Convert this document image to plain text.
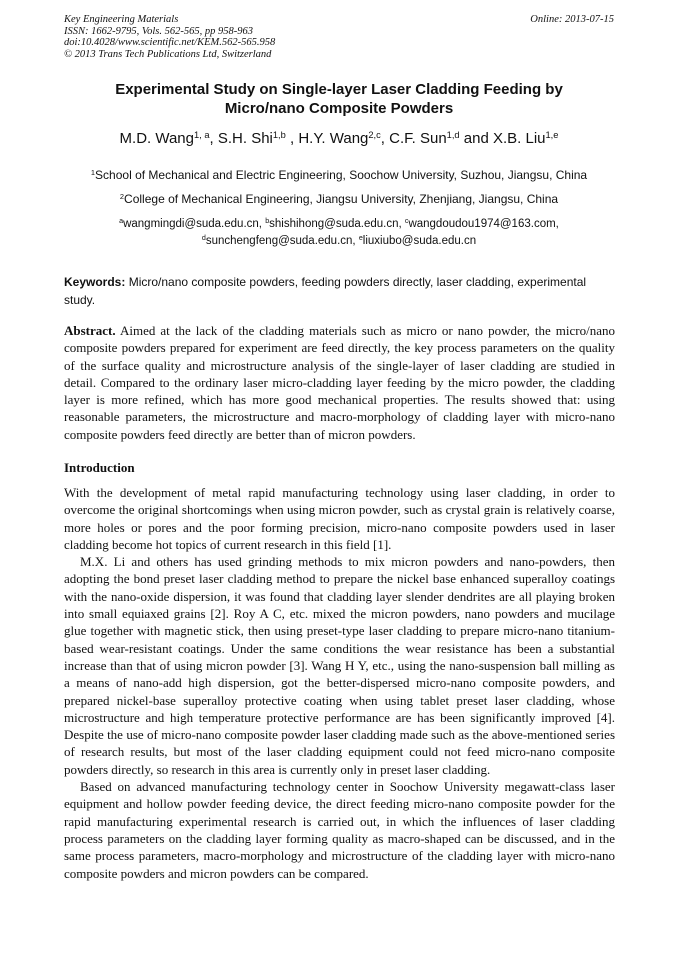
Key Engineering Materials
ISSN: 1662-9795, Vols. 562-565, pp 958-963
doi:10.4028/www.scientific.net/KEM.562-565.958
© 2013 Trans Tech Publications Ltd, Switzerland
Online: 2013-07-15
Experimental Study on Single-layer Laser Cladding Feeding by
Micro/nano Composite Powders
M.D. Wang$^{1, a}$, S.H. Shi$^{1,b}$ , H.Y. Wang$^{2,c}$, C.F. Sun$^{1,d}$ and X.B. Liu$^{1,e}$
$^1$School of Mechanical and Electric Engineering, Soochow University, Suzhou, Jiangsu, China
$^2$College of Mechanical Engineering, Jiangsu University, Zhenjiang, Jiangsu, China
$^a$wangmingdi@suda.edu.cn, $^b$shishihong@suda.edu.cn, $^c$wangdoudou1974@163.com,
$^d$sunchengfeng@suda.edu.cn, $^e$liuxiubo@suda.edu.cn
Keywords: Micro/nano composite powders, feeding powders directly, laser cladding, experimental study.
Abstract. Aimed at the lack of the cladding materials such as micro or nano powder, the micro/nano composite powders prepared for experiment are feed directly, the key process parameters on the quality of the surface quality and microstructure analysis of the single-layer of laser cladding are studied in detail. Compared to the ordinary laser micro-cladding layer feeding by the micro powder, the cladding layer is more refined, which has more good mechanical properties. The results showed that: using reasonable parameters, the microstructure and macro-morphology of cladding layer with micro-nano composite powders feed directly are better than of micron powders.
Introduction

With the development of metal rapid manufacturing technology using laser cladding, in order to overcome the original shortcomings when using micron powder, such as crystal grain is relatively coarse, more holes or pores and the poor forming precision, micro-nano composite powders used in laser cladding become hot topics of current research in this field [1].

M.X. Li and others has used grinding methods to mix micron powders and nano-powders, then adopting the bond preset laser cladding method to prepare the nickel base enhanced superalloy coatings with the nano-oxide dispersion, it was found that cladding layer slender dendrites are all playing broken into small equiaxed grains [2]. Roy A C, etc. mixed the micron powders, nano powders and mucilage glue together with magnetic stick, then using preset-type laser cladding to prepare micro-nano titanium-based wear-resistant coatings. Under the same conditions the wear resistance has been a substantial increase than that of using micron powder [3]. Wang H Y, etc., using the nano-suspension ball milling as a means of nano-add high dispersion, got the better-dispersed micro-nano composite powders, and prepared nickel-base superalloy protective coating when using tablet preset laser cladding, whose microstructure and high temperature protective performance are has been significantly improved [4]. Despite the use of micro-nano composite powder laser cladding made such as the above-mentioned series of research results, but most of the laser cladding equipment could not feed micro-nano composite powders directly, so research in this area is currently only in preset laser cladding.

Based on advanced manufacturing technology center in Soochow University megawatt-class laser equipment and hollow powder feeding device, the direct feeding micro-nano composite powder for the rapid manufacturing experimental research is carried out, in which the influences of laser cladding process parameters on the cladding layer forming quality as macro-shaped can be discussed, and in the same process parameters, macro-morphology and microstructure of the cladding layer with micro-nano composite powders and micron powders can be compared.
